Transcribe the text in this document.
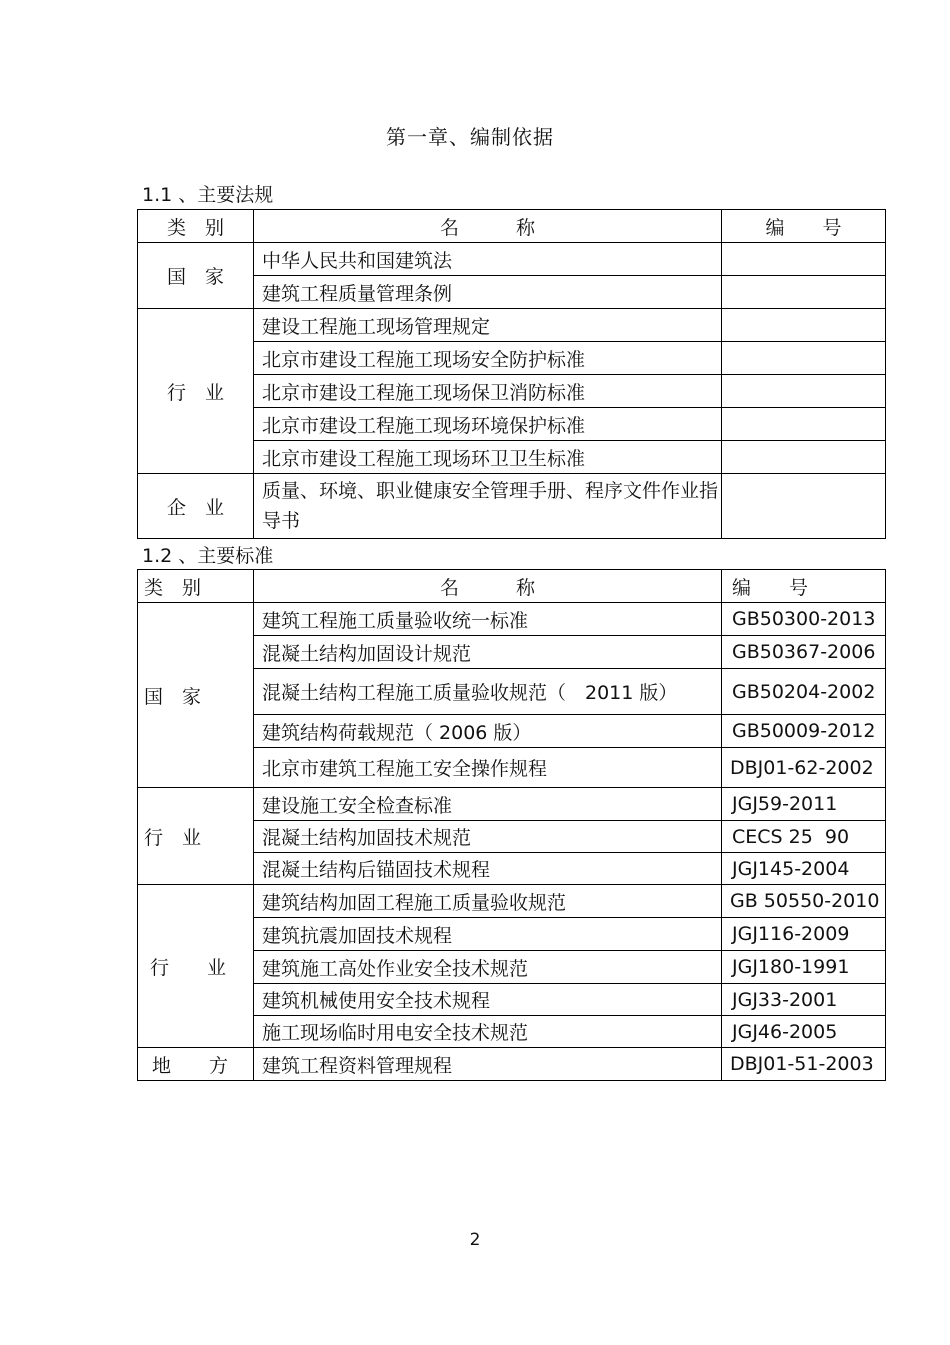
第一章、编制依据
1.1 、主要法规
类　别	名　　　称	编　　号
国　家	中华人民共和国建筑法	
	建筑工程质量管理条例	
行　业	建设工程施工现场管理规定	
	北京市建设工程施工现场安全防护标准	
	北京市建设工程施工现场保卫消防标准	
	北京市建设工程施工现场环境保护标准	
	北京市建设工程施工现场环卫卫生标准	
企　业	质量、环境、职业健康安全管理手册、程序文件作业指导书	
1.2 、主要标准
类　别	名　　　称	编　　号
国　家	建筑工程施工质量验收统一标准	GB50300-2013
	混凝土结构加固设计规范	GB50367-2006
	混凝土结构工程施工质量验收规范（　2011 版）	GB50204-2002
	建筑结构荷载规范（ 2006 版）	GB50009-2012
	北京市建筑工程施工安全操作规程	DBJ01-62-2002
行　业	建设施工安全检查标准	JGJ59-2011
	混凝土结构加固技术规范	CECS 25  90
	混凝土结构后锚固技术规程	JGJ145-2004
行　　业	建筑结构加固工程施工质量验收规范	GB 50550-2010
	建筑抗震加固技术规程	JGJ116-2009
	建筑施工高处作业安全技术规范	JGJ180-1991
	建筑机械使用安全技术规程	JGJ33-2001
	施工现场临时用电安全技术规范	JGJ46-2005
地　　方	建筑工程资料管理规程	DBJ01-51-2003
2
